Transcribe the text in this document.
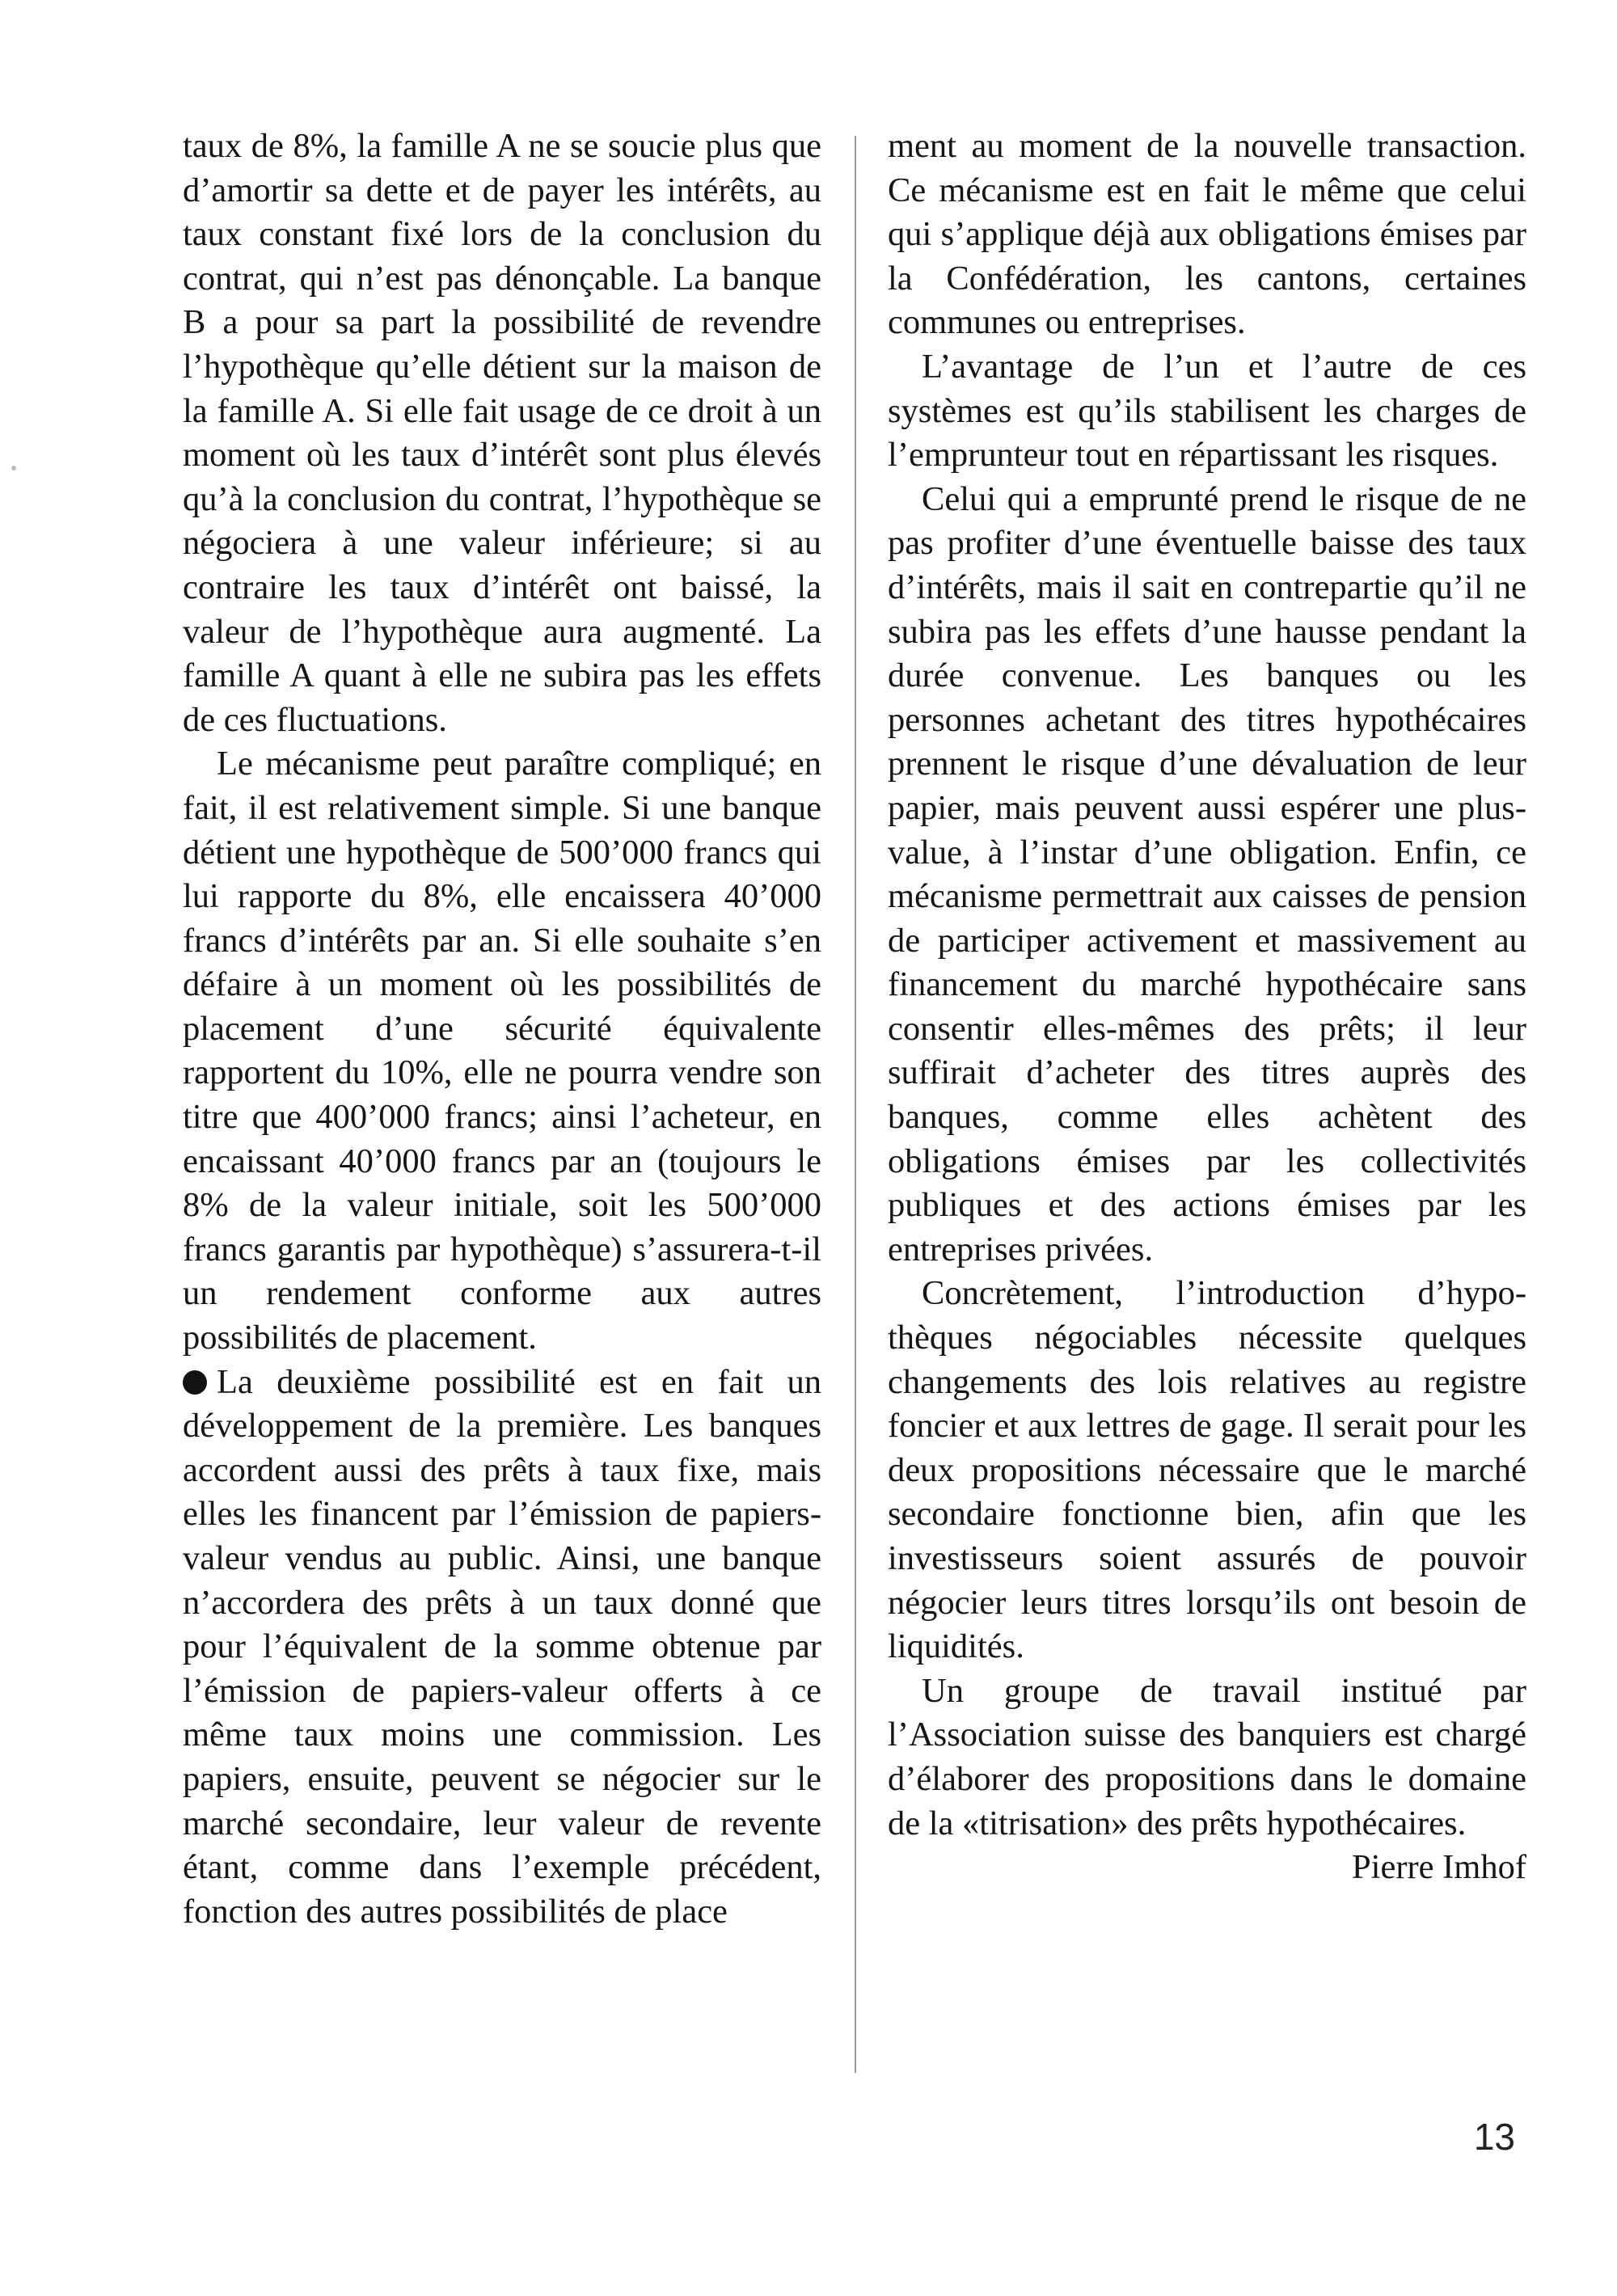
taux de 8%, la famille A ne se soucie plus que d’amortir sa dette et de payer les intérêts, au taux constant fixé lors de la conclusion du contrat, qui n’est pas dénonçable. La banque B a pour sa part la possibilité de revendre l’hypothèque qu’elle détient sur la maison de la famille A. Si elle fait usage de ce droit à un moment où les taux d’intérêt sont plus élevés qu’à la conclusion du contrat, l’hypothèque se négociera à une valeur inférieure; si au contraire les taux d’intérêt ont baissé, la valeur de l’hypothèque aura augmenté. La famille A quant à elle ne subira pas les effets de ces fluctuations.

Le mécanisme peut paraître compliqué; en fait, il est relativement simple. Si une banque détient une hypothèque de 500’000 francs qui lui rapporte du 8%, elle encaissera 40’000 francs d’intérêts par an. Si elle souhaite s’en défaire à un moment où les possibilités de placement d’une sécurité équivalente rapportent du 10%, elle ne pourra vendre son titre que 400’000 francs; ainsi l’acheteur, en encaissant 40’000 francs par an (toujours le 8% de la valeur initiale, soit les 500’000 francs garantis par hypothèque) s’assurera-t-il un rendement conforme aux autres possibilités de placement.

La deuxième possibilité est en fait un développement de la première. Les banques accordent aussi des prêts à taux fixe, mais elles les financent par l’émission de papiers-valeur vendus au public. Ainsi, une banque n’accordera des prêts à un taux donné que pour l’équivalent de la somme obtenue par l’émission de papiers-valeur offerts à ce même taux moins une commission. Les papiers, ensuite, peuvent se négocier sur le marché secondaire, leur valeur de revente étant, comme dans l’exemple précédent, fonction des autres possibilités de place

ment au moment de la nouvelle transaction. Ce mécanisme est en fait le même que celui qui s’applique déjà aux obligations émises par la Confédération, les cantons, certaines communes ou entreprises.

L’avantage de l’un et l’autre de ces systèmes est qu’ils stabilisent les charges de l’emprunteur tout en répartissant les risques.

Celui qui a emprunté prend le risque de ne pas profiter d’une éventuelle baisse des taux d’intérêts, mais il sait en contrepartie qu’il ne subira pas les effets d’une hausse pendant la durée convenue. Les banques ou les personnes achetant des titres hypothécaires prennent le risque d’une dévaluation de leur papier, mais peuvent aussi espérer une plus-value, à l’instar d’une obligation. Enfin, ce mécanisme permettrait aux caisses de pension de participer activement et massivement au financement du marché hypothécaire sans consentir elles-mêmes des prêts; il leur suffirait d’acheter des titres auprès des banques, comme elles achètent des obligations émises par les collectivités publiques et des actions émises par les entreprises privées.

Concrètement, l’introduction d’hypothèques négociables nécessite quelques changements des lois relatives au registre foncier et aux lettres de gage. Il serait pour les deux propositions nécessaire que le marché secondaire fonctionne bien, afin que les investisseurs soient assurés de pouvoir négocier leurs titres lorsqu’ils ont besoin de liquidités.

Un groupe de travail institué par l’Association suisse des banquiers est chargé d’élaborer des propositions dans le domaine de la «titrisation» des prêts hypothécaires.

Pierre Imhof

13
